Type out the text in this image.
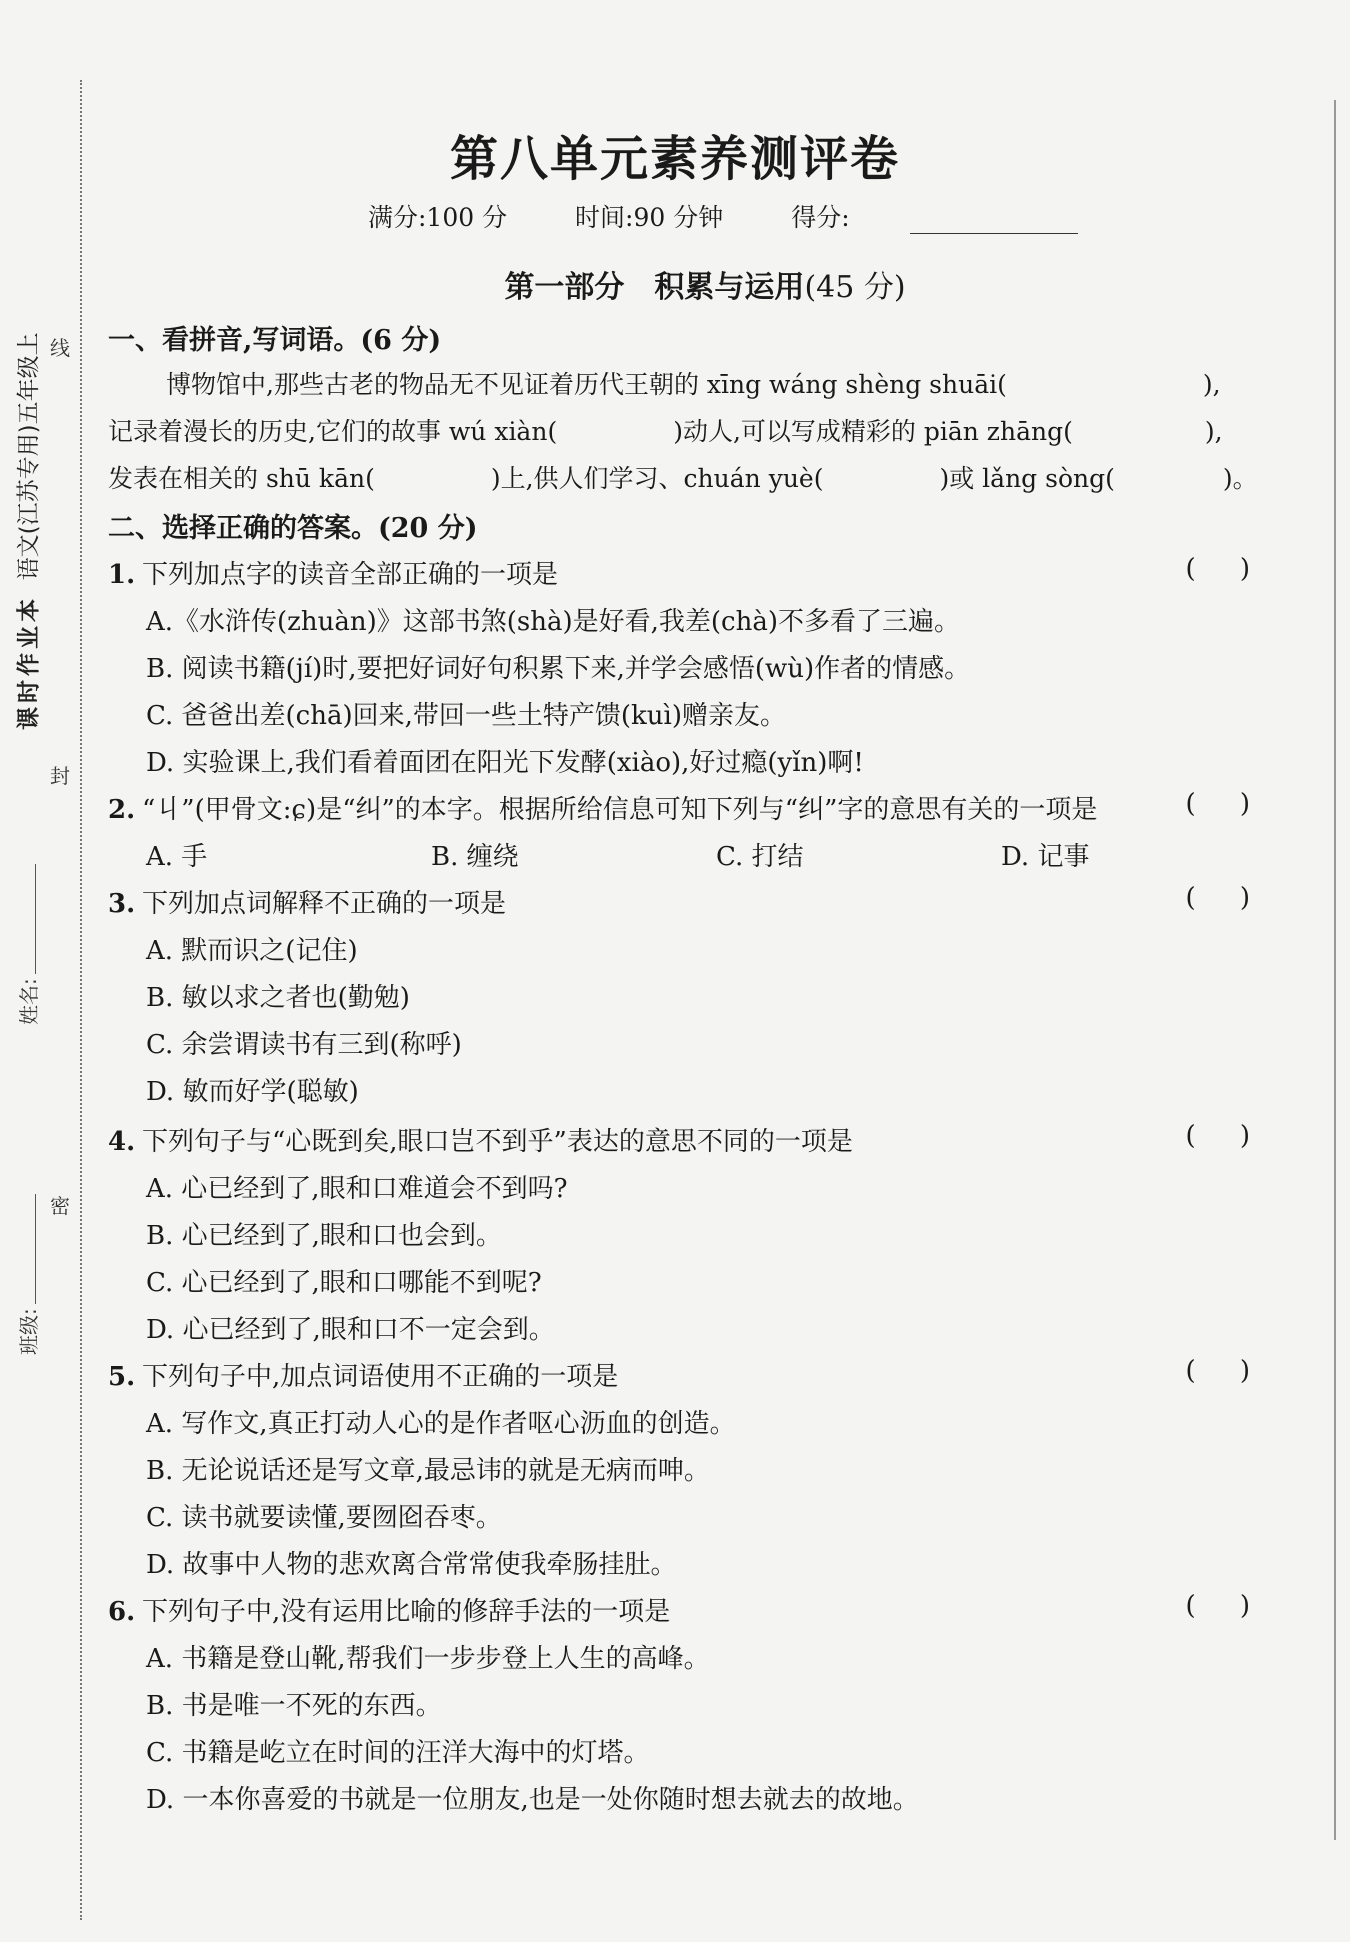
课时作业本  语文(江苏专用)五年级上 线
封
密
姓名:
班级:
第八单元素养测评卷
满分:100 分	时间:90 分钟	得分:
第一部分　积累与运用(45 分)
一、看拼音,写词语。(6 分)
博物馆中,那些古老的物品无不见证着历代王朝的 xīng wáng shèng shuāi(	),
记录着漫长的历史,它们的故事 wú xiàn(	)动人,可以写成精彩的 piān zhāng(	),
发表在相关的 shū kān(	)上,供人们学习、chuán yuè(	)或 lǎng sòng(	)。
二、选择正确的答案。(20 分)
1. 下列加点字的读音全部正确的一项是	( )
A.《水浒传(zhuàn)》这部书煞(shà)是好看,我差(chà)不多看了三遍。
B. 阅读书籍(jí)时,要把好词好句积累下来,并学会感悟(wù)作者的情感。
C. 爸爸出差(chā)回来,带回一些土特产馈(kuì)赠亲友。
D. 实验课上,我们看着面团在阳光下发酵(xiào),好过瘾(yǐn)啊!
2. “丩”(甲骨文:ɕ)是“纠”的本字。根据所给信息可知下列与“纠”字的意思有关的一项是	( )
A. 手	B. 缠绕	C. 打结	D. 记事
3. 下列加点词解释不正确的一项是	( )
A. 默而识之(记住)
B. 敏以求之者也(勤勉)
C. 余尝谓读书有三到(称呼)
D. 敏而好学(聪敏)
4. 下列句子与“心既到矣,眼口岂不到乎”表达的意思不同的一项是	( )
A. 心已经到了,眼和口难道会不到吗?
B. 心已经到了,眼和口也会到。
C. 心已经到了,眼和口哪能不到呢?
D. 心已经到了,眼和口不一定会到。
5. 下列句子中,加点词语使用不正确的一项是	( )
A. 写作文,真正打动人心的是作者呕心沥血的创造。
B. 无论说话还是写文章,最忌讳的就是无病而呻。
C. 读书就要读懂,要囫囵吞枣。
D. 故事中人物的悲欢离合常常使我牵肠挂肚。
6. 下列句子中,没有运用比喻的修辞手法的一项是	( )
A. 书籍是登山靴,帮我们一步步登上人生的高峰。
B. 书是唯一不死的东西。
C. 书籍是屹立在时间的汪洋大海中的灯塔。
D. 一本你喜爱的书就是一位朋友,也是一处你随时想去就去的故地。
